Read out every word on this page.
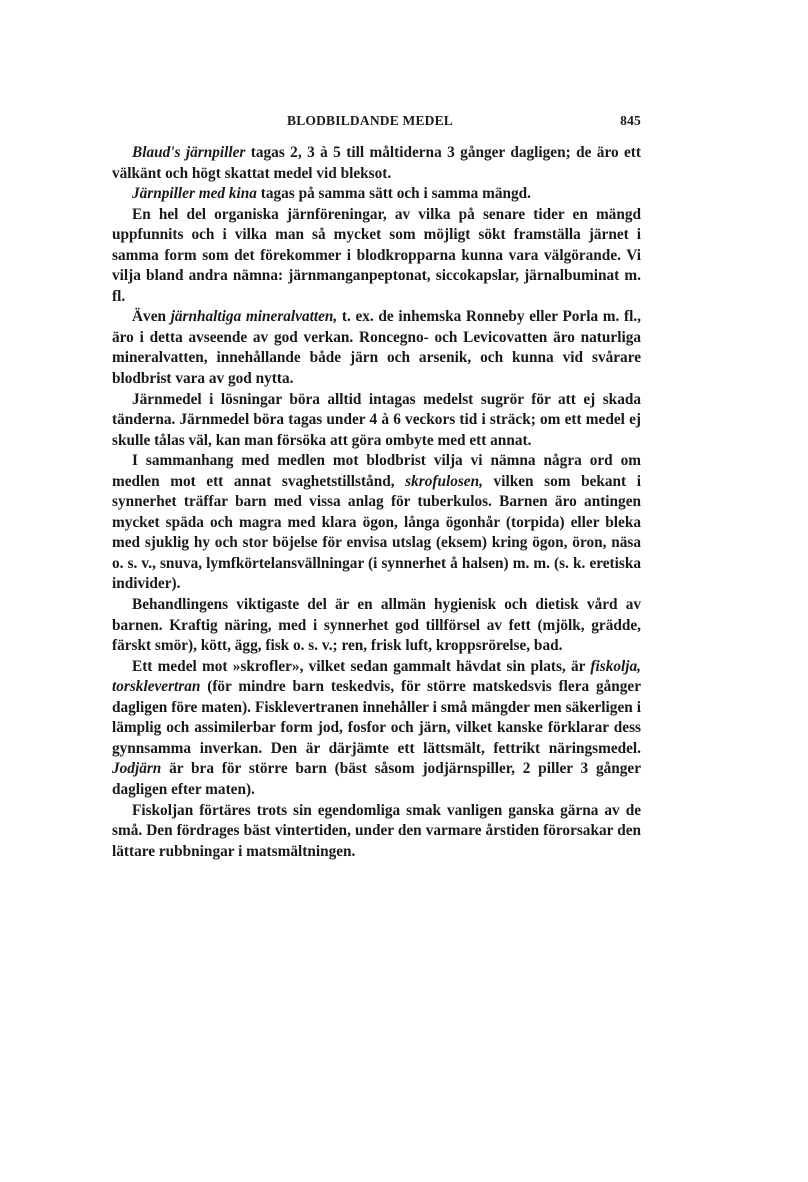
BLODBILDANDE MEDEL	845

Blaud's järnpiller tagas 2, 3 à 5 till måltiderna 3 gånger dagligen; de äro ett välkänt och högt skattat medel vid bleksot.

Järnpiller med kina tagas på samma sätt och i samma mängd.

En hel del organiska järnföreningar, av vilka på senare tider en mängd uppfunnits och i vilka man så mycket som möjligt sökt framställa järnet i samma form som det förekommer i blodkropparna kunna vara välgörande. Vi vilja bland andra nämna: järnmanganpeptonat, siccokapslar, järnalbuminat m. fl.

Även järnhaltiga mineralvatten, t. ex. de inhemska Ronneby eller Porla m. fl., äro i detta avseende av god verkan. Roncegno- och Levicovatten äro naturliga mineralvatten, innehållande både järn och arsenik, och kunna vid svårare blodbrist vara av god nytta.

Järnmedel i lösningar böra alltid intagas medelst sugrör för att ej skada tänderna. Järnmedel böra tagas under 4 à 6 veckors tid i sträck; om ett medel ej skulle tålas väl, kan man försöka att göra ombyte med ett annat.

I sammanhang med medlen mot blodbrist vilja vi nämna några ord om medlen mot ett annat svaghetstillstånd, skrofulosen, vilken som bekant i synnerhet träffar barn med vissa anlag för tuberkulos. Barnen äro antingen mycket späda och magra med klara ögon, långa ögonhår (torpida) eller bleka med sjuklig hy och stor böjelse för envisa utslag (eksem) kring ögon, öron, näsa o. s. v., snuva, lymfkörtelansvällningar (i synnerhet å halsen) m. m. (s. k. eretiska individer).

Behandlingens viktigaste del är en allmän hygienisk och dietisk vård av barnen. Kraftig näring, med i synnerhet god tillförsel av fett (mjölk, grädde, färskt smör), kött, ägg, fisk o. s. v.; ren, frisk luft, kroppsrörelse, bad.

Ett medel mot »skrofler», vilket sedan gammalt hävdat sin plats, är fiskolja, torsklevertran (för mindre barn teskedvis, för större matskedsvis flera gånger dagligen före maten). Fisklevertranen innehåller i små mängder men säkerligen i lämplig och assimilerbar form jod, fosfor och järn, vilket kanske förklarar dess gynnsamma inverkan. Den är därjämte ett lättsmält, fettrikt näringsmedel. Jodjärn är bra för större barn (bäst såsom jodjärnspiller, 2 piller 3 gånger dagligen efter maten).

Fiskoljan förtäres trots sin egendomliga smak vanligen ganska gärna av de små. Den fördrages bäst vintertiden, under den varmare årstiden förorsakar den lättare rubbningar i matsmältningen.
